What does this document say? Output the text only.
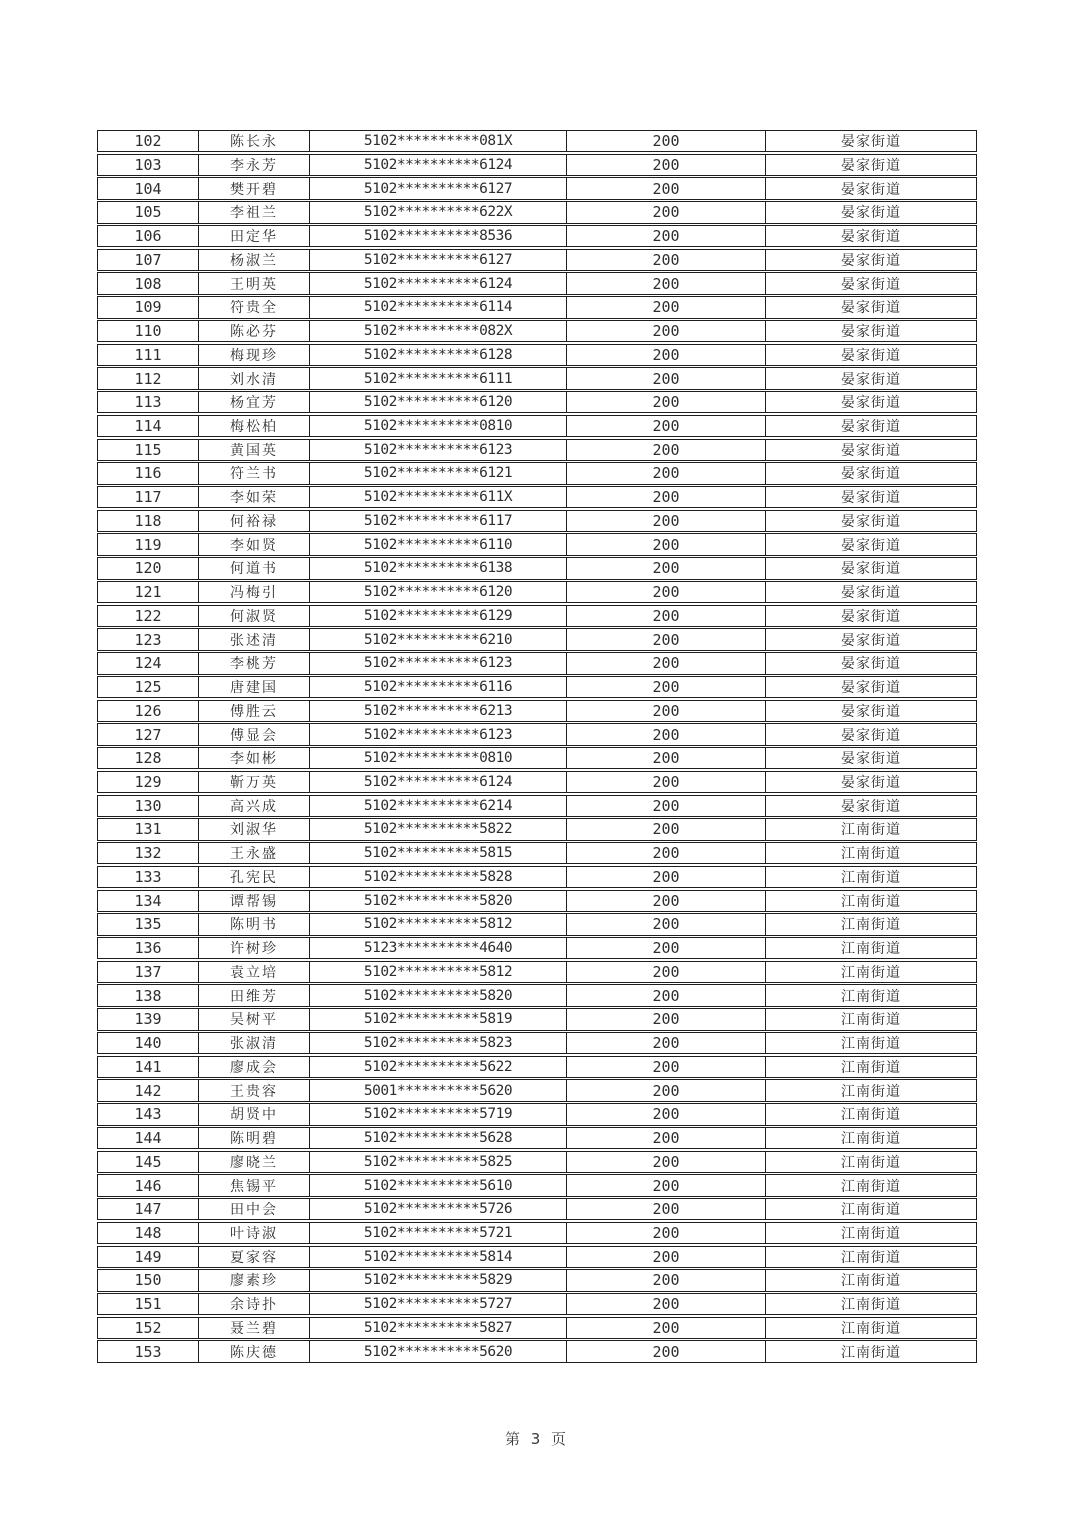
102	陈长永	5102**********081X	200	晏家街道
103	李永芳	5102**********6124	200	晏家街道
104	樊开碧	5102**********6127	200	晏家街道
105	李祖兰	5102**********622X	200	晏家街道
106	田定华	5102**********8536	200	晏家街道
107	杨淑兰	5102**********6127	200	晏家街道
108	王明英	5102**********6124	200	晏家街道
109	符贵全	5102**********6114	200	晏家街道
110	陈必芬	5102**********082X	200	晏家街道
111	梅现珍	5102**********6128	200	晏家街道
112	刘水清	5102**********6111	200	晏家街道
113	杨宜芳	5102**********6120	200	晏家街道
114	梅松柏	5102**********0810	200	晏家街道
115	黄国英	5102**********6123	200	晏家街道
116	符兰书	5102**********6121	200	晏家街道
117	李如荣	5102**********611X	200	晏家街道
118	何裕禄	5102**********6117	200	晏家街道
119	李如贤	5102**********6110	200	晏家街道
120	何道书	5102**********6138	200	晏家街道
121	冯梅引	5102**********6120	200	晏家街道
122	何淑贤	5102**********6129	200	晏家街道
123	张述清	5102**********6210	200	晏家街道
124	李桃芳	5102**********6123	200	晏家街道
125	唐建国	5102**********6116	200	晏家街道
126	傅胜云	5102**********6213	200	晏家街道
127	傅显会	5102**********6123	200	晏家街道
128	李如彬	5102**********0810	200	晏家街道
129	靳万英	5102**********6124	200	晏家街道
130	高兴成	5102**********6214	200	晏家街道
131	刘淑华	5102**********5822	200	江南街道
132	王永盛	5102**********5815	200	江南街道
133	孔宪民	5102**********5828	200	江南街道
134	谭帮锡	5102**********5820	200	江南街道
135	陈明书	5102**********5812	200	江南街道
136	许树珍	5123**********4640	200	江南街道
137	袁立培	5102**********5812	200	江南街道
138	田维芳	5102**********5820	200	江南街道
139	吴树平	5102**********5819	200	江南街道
140	张淑清	5102**********5823	200	江南街道
141	廖成会	5102**********5622	200	江南街道
142	王贵容	5001**********5620	200	江南街道
143	胡贤中	5102**********5719	200	江南街道
144	陈明碧	5102**********5628	200	江南街道
145	廖晓兰	5102**********5825	200	江南街道
146	焦锡平	5102**********5610	200	江南街道
147	田中会	5102**********5726	200	江南街道
148	叶诗淑	5102**********5721	200	江南街道
149	夏家容	5102**********5814	200	江南街道
150	廖素珍	5102**********5829	200	江南街道
151	余诗扑	5102**********5727	200	江南街道
152	聂兰碧	5102**********5827	200	江南街道
153	陈庆德	5102**********5620	200	江南街道
第 3 页
